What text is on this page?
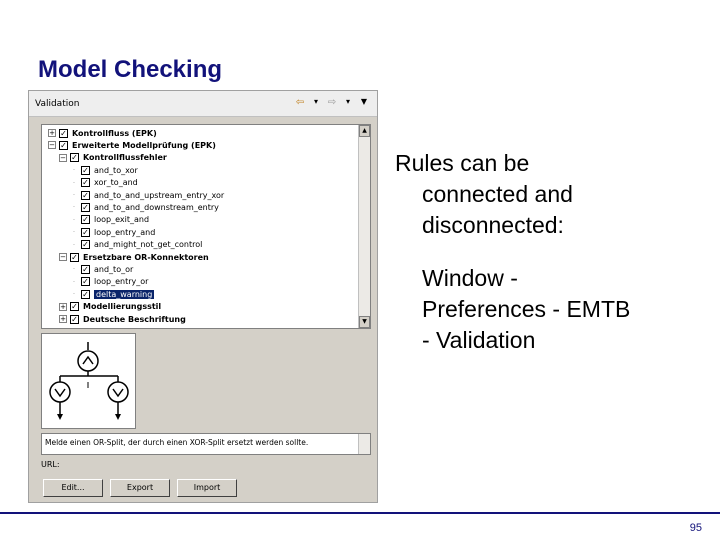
Model Checking
Validation	⇦	▾ ⇨	▾	▼
+ ✓ Deutsche Beschriftung
+ ✓ Modellierungsstil
· ✓ delta_warning
· ✓ loop_entry_or
· ✓ and_to_or
− ✓ Ersetzbare OR-Konnektoren
· ✓ and_might_not_get_control
· ✓ loop_entry_and
· ✓ loop_exit_and
· ✓ and_to_and_downstream_entry
· ✓ and_to_and_upstream_entry_xor
· ✓ xor_to_and
· ✓ and_to_xor
− ✓ Kontrollflussfehler
− ✓ Erweiterte Modellprüfung (EPK)
+ ✓ Kontrollfluss (EPK)	▲
▼
Melde einen OR-Split, der durch einen XOR-Split ersetzt werden sollte.
URL:
Edit...	Export	Import
Rules can be
connected and
disconnected:
Window -
Preferences - EMTB
- Validation
95
